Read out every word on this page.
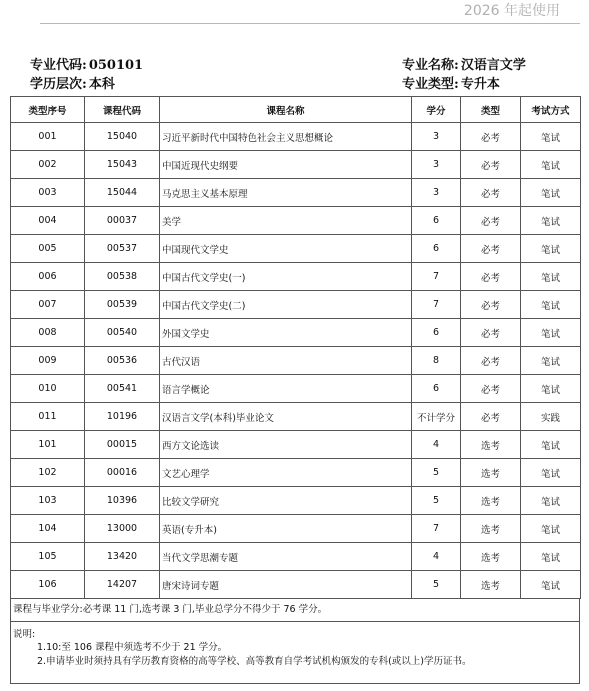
2026 年起使用
专业代码: 050101
学历层次: 本科
专业名称: 汉语言文学
专业类型: 专升本
类型序号	课程代码	课程名称	学分	类型	考试方式
001	15040	习近平新时代中国特色社会主义思想概论	3	必考	笔试
002	15043	中国近现代史纲要	3	必考	笔试
003	15044	马克思主义基本原理	3	必考	笔试
004	00037	美学	6	必考	笔试
005	00537	中国现代文学史	6	必考	笔试
006	00538	中国古代文学史(一)	7	必考	笔试
007	00539	中国古代文学史(二)	7	必考	笔试
008	00540	外国文学史	6	必考	笔试
009	00536	古代汉语	8	必考	笔试
010	00541	语言学概论	6	必考	笔试
011	10196	汉语言文学(本科)毕业论文	不计学分	必考	实践
101	00015	西方文论选读	4	选考	笔试
102	00016	文艺心理学	5	选考	笔试
103	10396	比较文学研究	5	选考	笔试
104	13000	英语(专升本)	7	选考	笔试
105	13420	当代文学思潮专题	4	选考	笔试
106	14207	唐宋诗词专题	5	选考	笔试
课程与毕业学分:必考课 11 门,选考课 3 门,毕业总学分不得少于 76 学分。
说明:
1.10:至 106 课程中须选考不少于 21 学分。
2.申请毕业时须持具有学历教育资格的高等学校、高等教育自学考试机构颁发的专科(或以上)学历证书。
